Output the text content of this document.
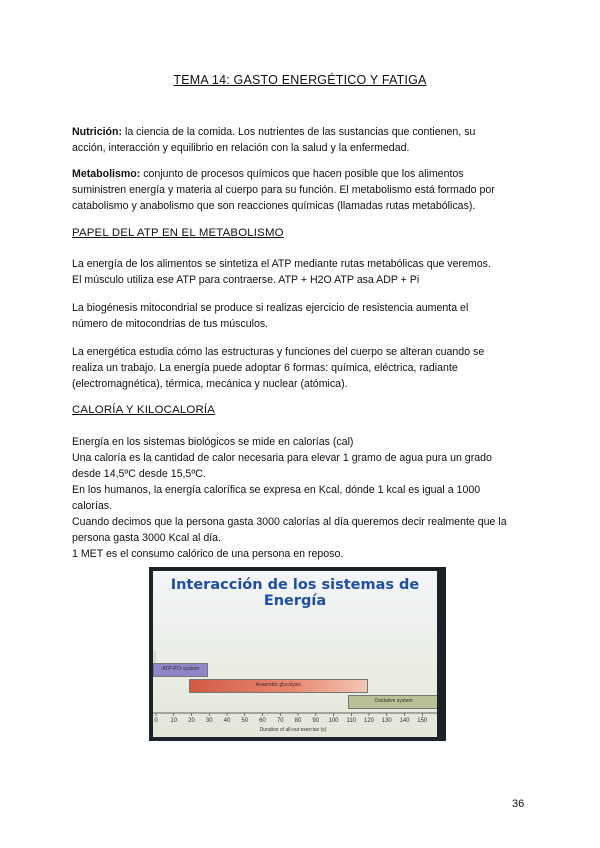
TEMA 14: GASTO ENERGÉTICO Y FATIGA
Nutrición: la ciencia de la comida. Los nutrientes de las sustancias que contienen, su
acción, interacción y equilibrio en relación con la salud y la enfermedad.
Metabolismo: conjunto de procesos químicos que hacen posible que los alimentos
suministren energía y materia al cuerpo para su función. El metabolismo está formado por
catabolismo y anabolismo que son reacciones químicas (llamadas rutas metabólicas).
PAPEL DEL ATP EN EL METABOLISMO
La energía de los alimentos se sintetiza el ATP mediante rutas metabólicas que veremos.
El músculo utiliza ese ATP para contraerse. ATP + H2O ATP asa ADP + Pi
La biogénesis mitocondrial se produce si realizas ejercicio de resistencia aumenta el
número de mitocondrias de tus músculos.
La energética estudia cómo las estructuras y funciones del cuerpo se alteran cuando se
realiza un trabajo. La energía puede adoptar 6 formas: química, eléctrica, radiante
(electromagnética), térmica, mecánica y nuclear (atómica).
CALORÍA Y KILOCALORÍA
Energía en los sistemas biológicos se mide en calorías (cal)
Una caloría es la cantidad de calor necesaria para elevar 1 gramo de agua pura un grado
desde 14,5ºC desde 15,5ºC.
En los humanos, la energía calorífica se expresa en Kcal, dónde 1 kcal es igual a 1000
calorías.
Cuando decimos que la persona gasta 3000 calorías al día queremos decir realmente que la
persona gasta 3000 Kcal al día.
1 MET es el consumo calórico de una persona en reposo.
Interacción de los sistemas de Energía
ATP-PCr system
Anaerobic glycolysis
Oxidative system
0 10 20 30 40 50 60 70 80 90 100 110 120 130 140 150
Duration of all-out exercise (s)
36
